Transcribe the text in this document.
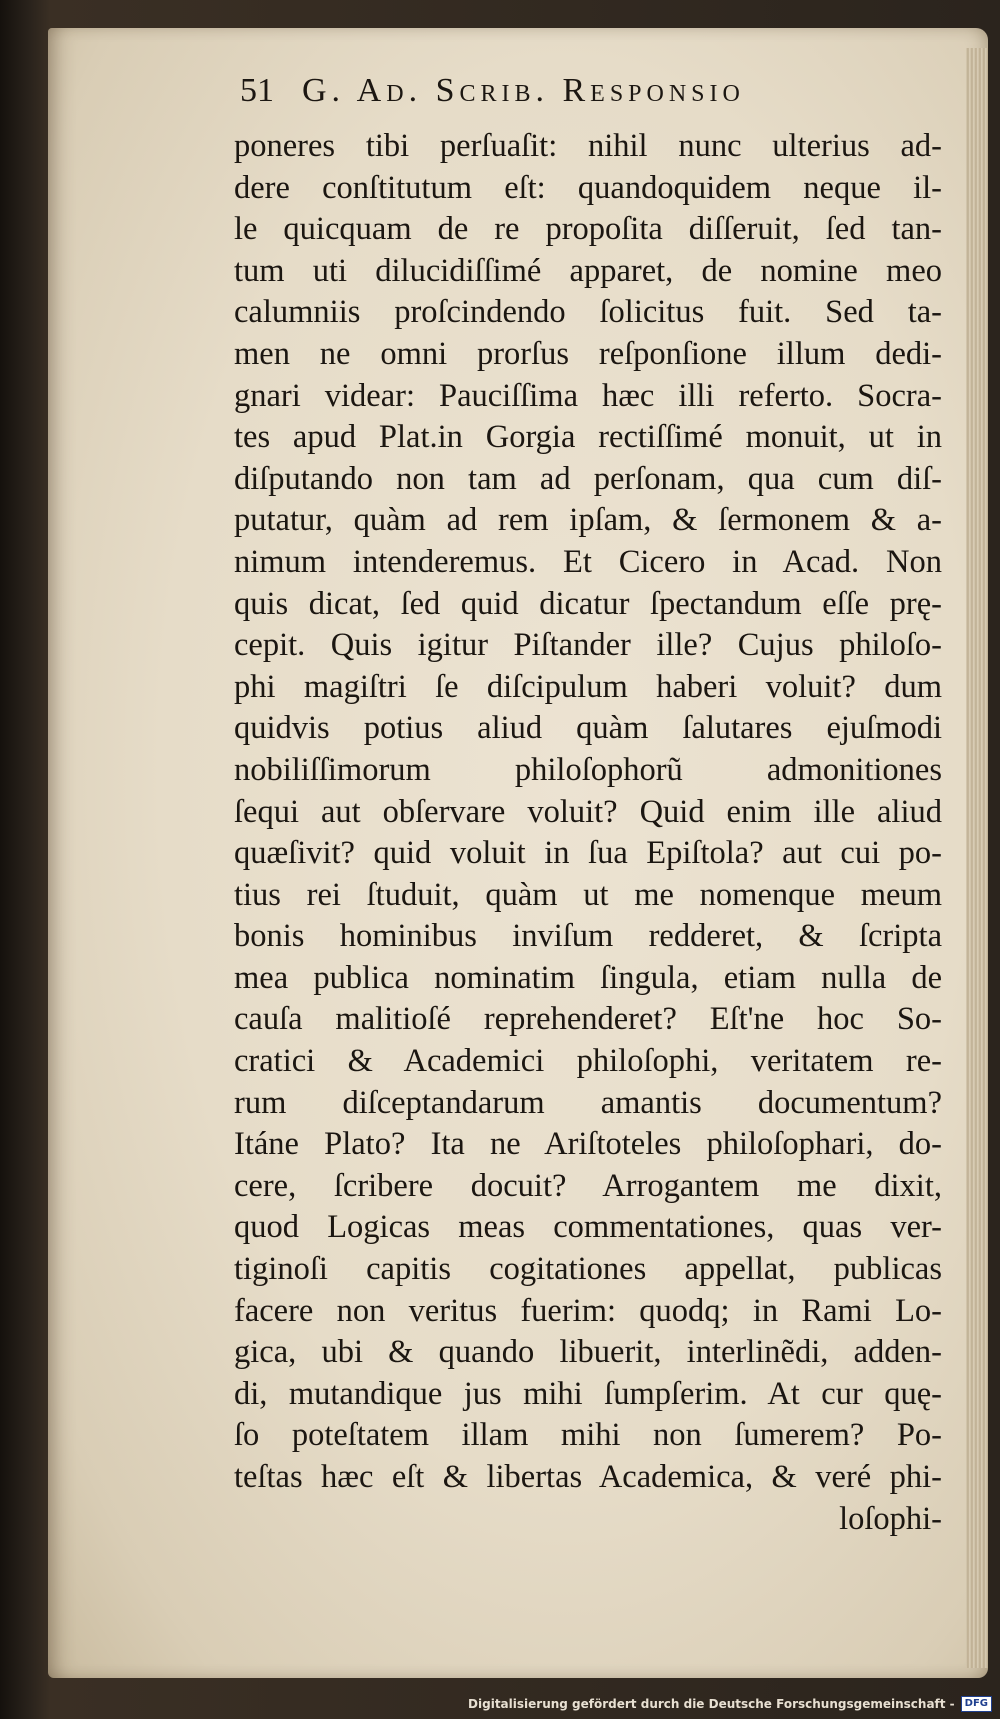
51 G. Ad. Scrib. Responsio
poneres tibi perſuaſit: nihil nunc ulterius ad-
dere conſtitutum eſt: quandoquidem neque il-
le quicquam de re propoſita diſſeruit, ſed tan-
tum uti dilucidiſſimé apparet, de nomine meo
calumniis proſcindendo ſolicitus fuit. Sed ta-
men ne omni prorſus reſponſione illum dedi-
gnari videar: Pauciſſima hæc illi referto. Socra-
tes apud Plat.in Gorgia rectiſſimé monuit, ut in
diſputando non tam ad perſonam, qua cum diſ-
putatur, quàm ad rem ipſam, & ſermonem & a-
nimum intenderemus. Et Cicero in Acad. Non
quis dicat, ſed quid dicatur ſpectandum eſſe prę-
cepit. Quis igitur Piſtander ille? Cujus philoſo-
phi magiſtri ſe diſcipulum haberi voluit? dum
quidvis potius aliud quàm ſalutares ejuſmodi
nobiliſſimorum philoſophorũ admonitiones
ſequi aut obſervare voluit? Quid enim ille aliud
quæſivit? quid voluit in ſua Epiſtola? aut cui po-
tius rei ſtuduit, quàm ut me nomenque meum
bonis hominibus inviſum redderet, & ſcripta
mea publica nominatim ſingula, etiam nulla de
cauſa malitioſé reprehenderet? Eſt'ne hoc So-
cratici & Academici philoſophi, veritatem re-
rum diſceptandarum amantis documentum?
Itáne Plato? Ita ne Ariſtoteles philoſophari, do-
cere, ſcribere docuit? Arrogantem me dixit,
quod Logicas meas commentationes, quas ver-
tiginoſi capitis cogitationes appellat, publicas
facere non veritus fuerim: quodq; in Rami Lo-
gica, ubi & quando libuerit, interlinẽdi, adden-
di, mutandique jus mihi ſumpſerim. At cur quę-
ſo poteſtatem illam mihi non ſumerem? Po-
teſtas hæc eſt & libertas Academica, & veré phi-
loſophi-
Digitalisierung gefördert durch die Deutsche Forschungsgemeinschaft -	DFG
